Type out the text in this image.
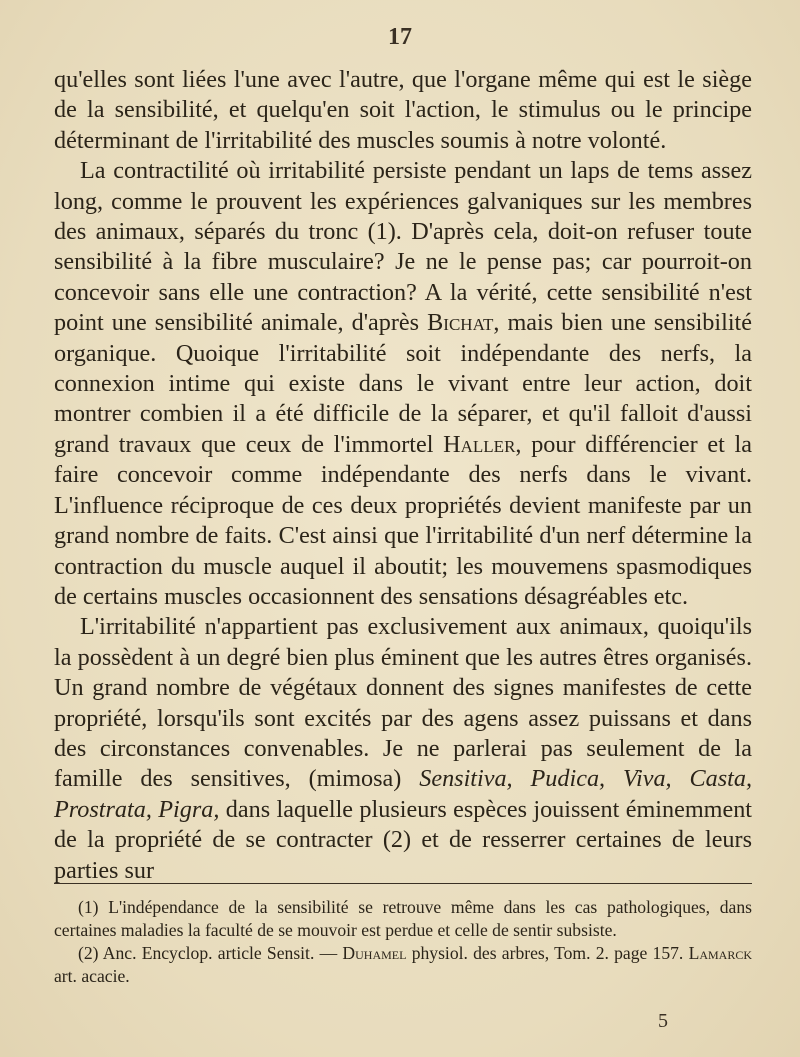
17

qu'elles sont liées l'une avec l'autre, que l'organe même qui est le siège de la sensibilité, et quelqu'en soit l'action, le stimulus ou le principe déterminant de l'irritabilité des muscles soumis à notre volonté.

La contractilité où irritabilité persiste pendant un laps de tems assez long, comme le prouvent les expériences galvaniques sur les membres des animaux, séparés du tronc (1). D'après cela, doit-on refuser toute sensibilité à la fibre musculaire? Je ne le pense pas; car pourroit-on concevoir sans elle une contraction? A la vérité, cette sensibilité n'est point une sensibilité animale, d'après Bichat, mais bien une sensibilité organique. Quoique l'irritabilité soit indépendante des nerfs, la connexion intime qui existe dans le vivant entre leur action, doit montrer combien il a été difficile de la séparer, et qu'il falloit d'aussi grand travaux que ceux de l'immortel Haller, pour différencier et la faire concevoir comme indépendante des nerfs dans le vivant. L'influence réciproque de ces deux propriétés devient manifeste par un grand nombre de faits. C'est ainsi que l'irritabilité d'un nerf détermine la contraction du muscle auquel il aboutit; les mouvemens spasmodiques de certains muscles occasionnent des sensations désagréables etc.

L'irritabilité n'appartient pas exclusivement aux animaux, quoiqu'ils la possèdent à un degré bien plus éminent que les autres êtres organisés. Un grand nombre de végétaux donnent des signes manifestes de cette propriété, lorsqu'ils sont excités par des agens assez puissans et dans des circonstances convenables. Je ne parlerai pas seulement de la famille des sensitives, (mimosa) Sensitiva, Pudica, Viva, Casta, Prostrata, Pigra, dans laquelle plusieurs espèces jouissent éminemment de la propriété de se contracter (2) et de resserrer certaines de leurs parties sur

(1) L'indépendance de la sensibilité se retrouve même dans les cas pathologiques, dans certaines maladies la faculté de se mouvoir est perdue et celle de sentir subsiste.

(2) Anc. Encyclop. article Sensit. — Duhamel physiol. des arbres, Tom. 2. page 157. Lamarck art. acacie.

5
